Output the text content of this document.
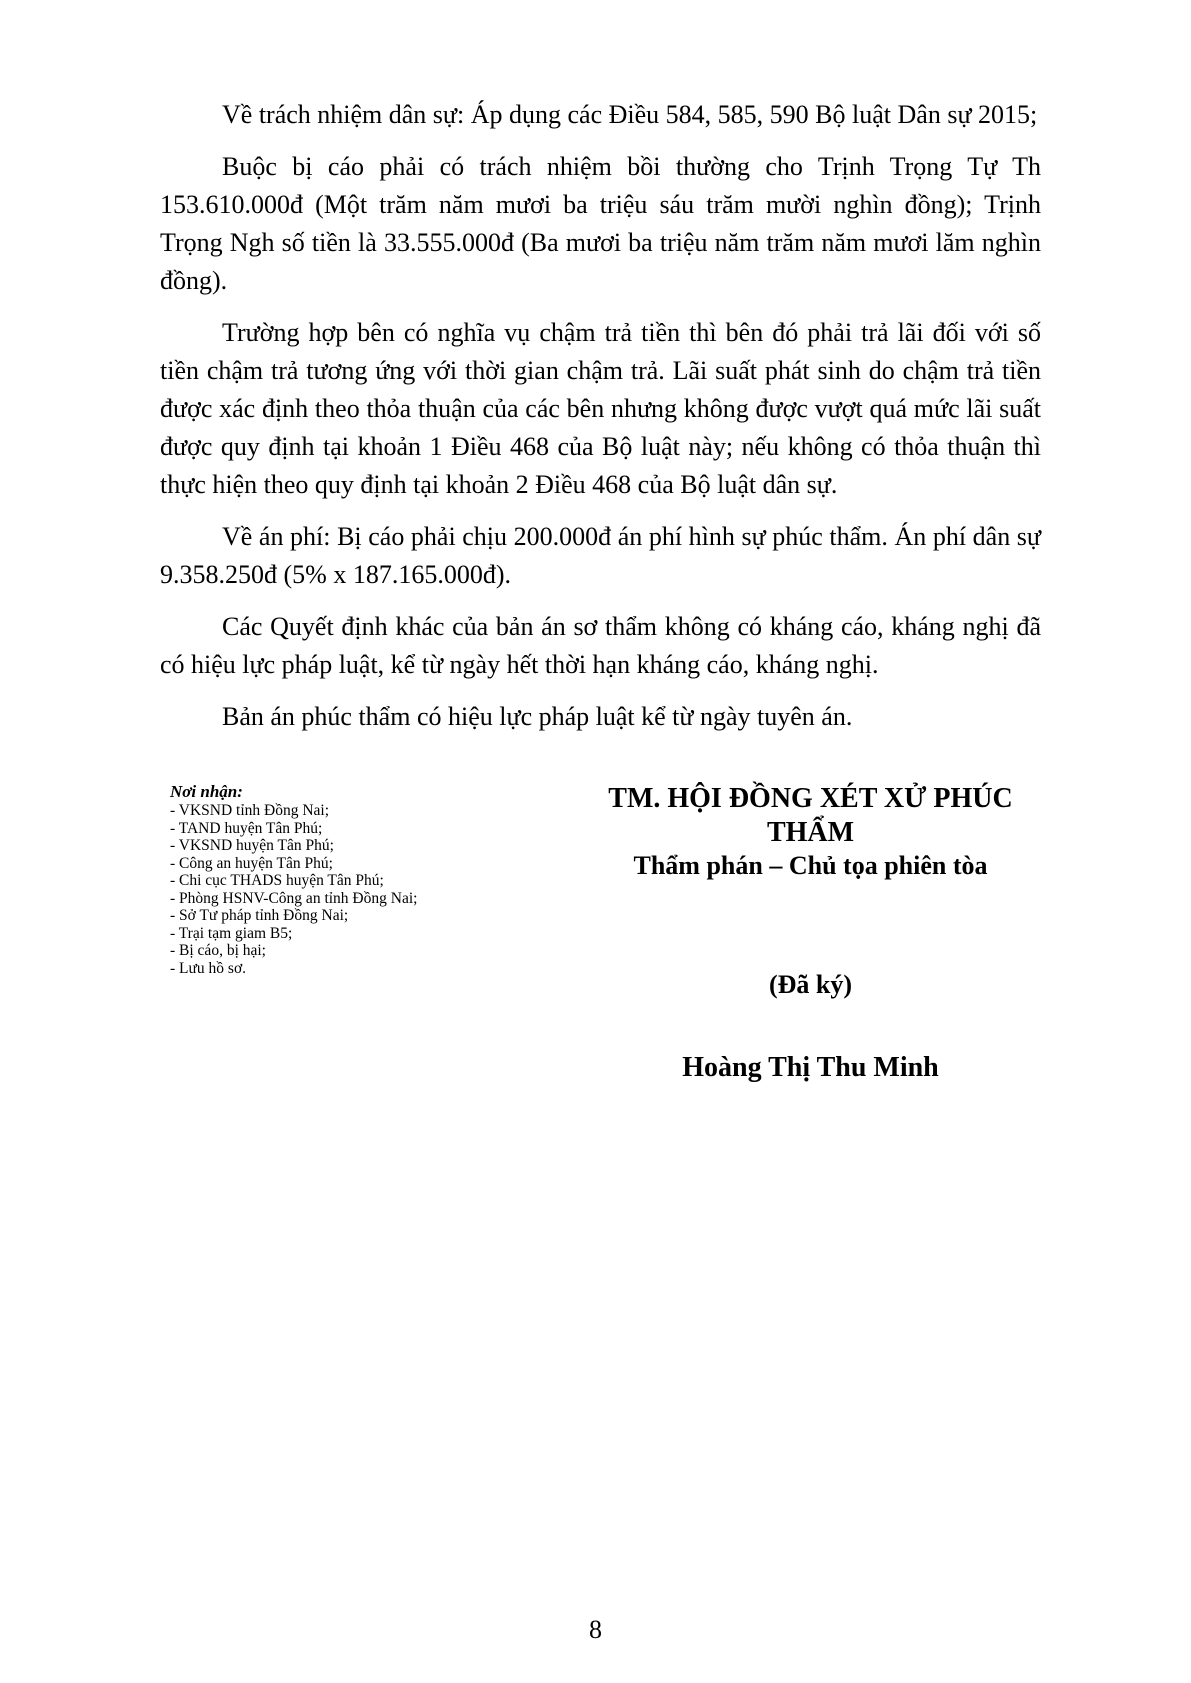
Về trách nhiệm dân sự: Áp dụng các Điều 584, 585, 590 Bộ luật Dân sự 2015;

Buộc bị cáo phải có trách nhiệm bồi thường cho Trịnh Trọng Tự Th 153.610.000đ (Một trăm năm mươi ba triệu sáu trăm mười nghìn đồng); Trịnh Trọng Ngh số tiền là 33.555.000đ (Ba mươi ba triệu năm trăm năm mươi lăm nghìn đồng).

Trường hợp bên có nghĩa vụ chậm trả tiền thì bên đó phải trả lãi đối với số tiền chậm trả tương ứng với thời gian chậm trả. Lãi suất phát sinh do chậm trả tiền được xác định theo thỏa thuận của các bên nhưng không được vượt quá mức lãi suất được quy định tại khoản 1 Điều 468 của Bộ luật này; nếu không có thỏa thuận thì thực hiện theo quy định tại khoản 2 Điều 468 của Bộ luật dân sự.

Về án phí: Bị cáo phải chịu 200.000đ án phí hình sự phúc thẩm. Án phí dân sự 9.358.250đ (5% x 187.165.000đ).

Các Quyết định khác của bản án sơ thẩm không có kháng cáo, kháng nghị đã có hiệu lực pháp luật, kể từ ngày hết thời hạn kháng cáo, kháng nghị.

Bản án phúc thẩm có hiệu lực pháp luật kể từ ngày tuyên án.

Nơi nhận:
- VKSND tỉnh Đồng Nai;
- TAND huyện Tân Phú;
- VKSND huyện Tân Phú;
- Công an huyện Tân Phú;
- Chi cục THADS huyện Tân Phú;
- Phòng HSNV-Công an tỉnh Đồng Nai;
- Sở Tư pháp tỉnh Đồng Nai;
- Trại tạm giam B5;
- Bị cáo, bị hại;
- Lưu hồ sơ.
TM. HỘI ĐỒNG XÉT XỬ PHÚC THẨM
Thẩm phán – Chủ tọa phiên tòa
(Đã ký)
Hoàng Thị Thu Minh
8
